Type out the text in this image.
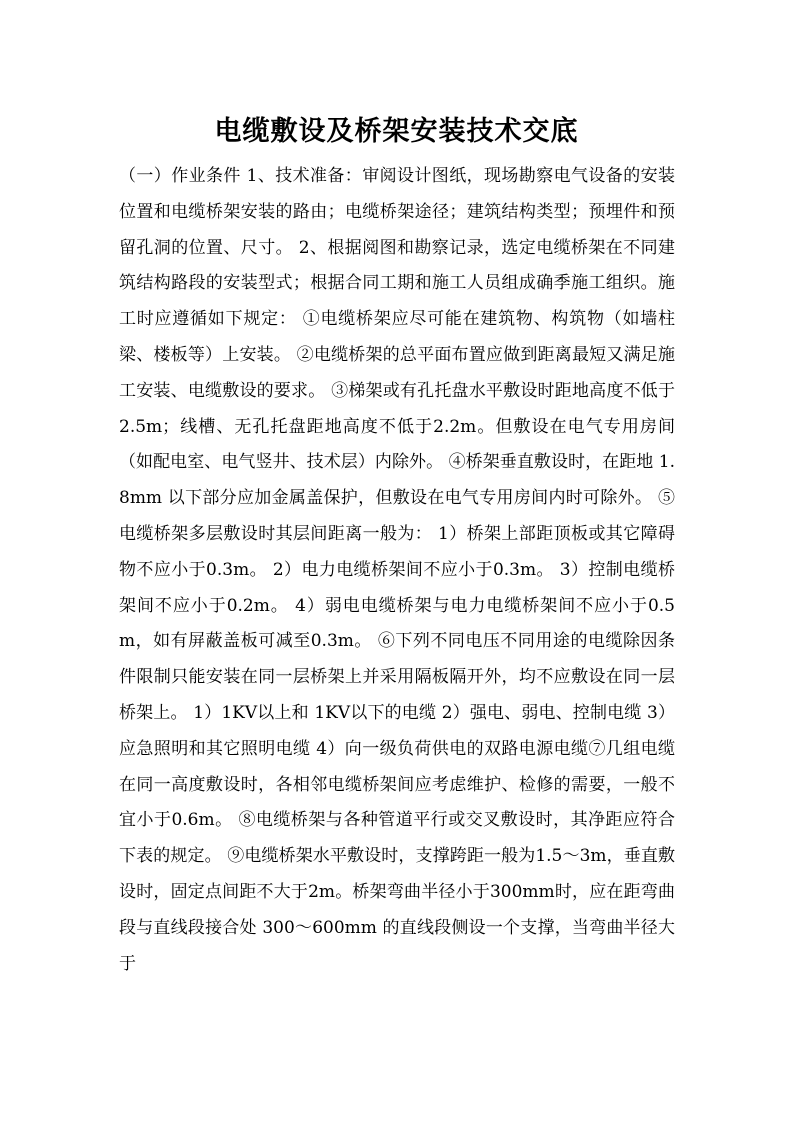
电缆敷设及桥架安装技术交底

（一）作业条件 1、技术准备：审阅设计图纸，现场勘察电气设备的安装位置和电缆桥架安装的路由；电缆桥架途径；建筑结构类型；预埋件和预留孔洞的位置、尺寸。 2、根据阅图和勘察记录，选定电缆桥架在不同建筑结构路段的安装型式；根据合同工期和施工人员组成确季施工组织。施工时应遵循如下规定： ①电缆桥架应尽可能在建筑物、构筑物（如墙柱梁、楼板等）上安装。 ②电缆桥架的总平面布置应做到距离最短又满足施工安装、电缆敷设的要求。 ③梯架或有孔托盘水平敷设时距地高度不低于2.5m；线槽、无孔托盘距地高度不低于2.2m。但敷设在电气专用房间（如配电室、电气竖井、技术层）内除外。 ④桥架垂直敷设时，在距地 1.8mm 以下部分应加金属盖保护，但敷设在电气专用房间内时可除外。 ⑤电缆桥架多层敷设时其层间距离一般为： 1）桥架上部距顶板或其它障碍物不应小于0.3m。 2）电力电缆桥架间不应小于0.3m。 3）控制电缆桥架间不应小于0.2m。 4）弱电电缆桥架与电力电缆桥架间不应小于0.5m，如有屏蔽盖板可减至0.3m。 ⑥下列不同电压不同用途的电缆除因条件限制只能安装在同一层桥架上并采用隔板隔开外，均不应敷设在同一层桥架上。 1）1KV以上和 1KV以下的电缆 2）强电、弱电、控制电缆 3）应急照明和其它照明电缆 4）向一级负荷供电的双路电源电缆⑦几组电缆在同一高度敷设时，各相邻电缆桥架间应考虑维护、检修的需要，一般不宜小于0.6m。 ⑧电缆桥架与各种管道平行或交叉敷设时，其净距应符合下表的规定。 ⑨电缆桥架水平敷设时，支撑跨距一般为1.5～3m，垂直敷设时，固定点间距不大于2m。桥架弯曲半径小于300mm时，应在距弯曲段与直线段接合处 300～600mm 的直线段侧设一个支撑，当弯曲半径大于
